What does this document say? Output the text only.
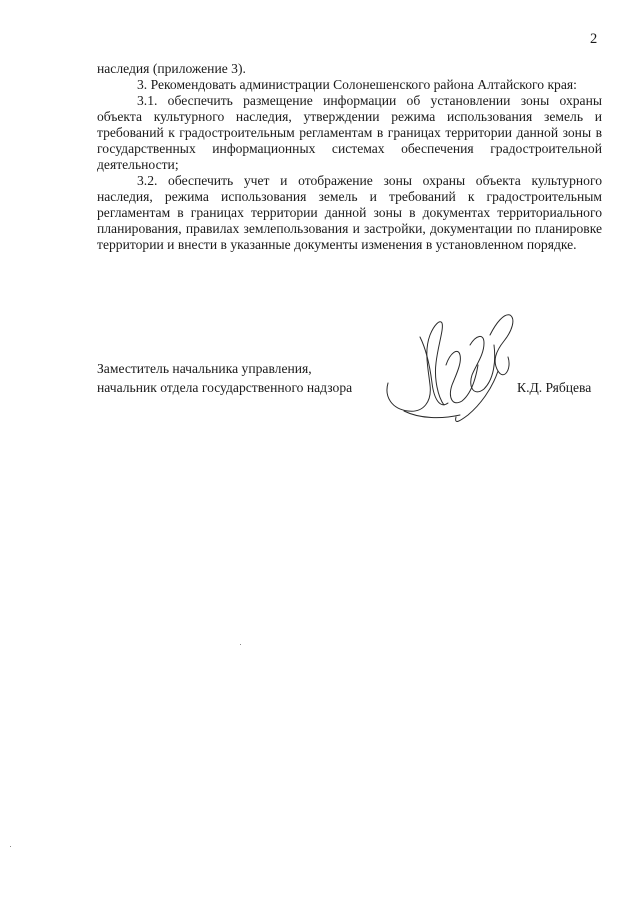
2

наследия (приложение 3).

3. Рекомендовать администрации Солонешенского района Алтайского края:

3.1. обеспечить размещение информации об установлении зоны охраны объекта культурного наследия, утверждении режима использования земель и требований к градостроительным регламентам в границах территории данной зоны в государственных информационных системах обеспечения градостроительной деятельности;

3.2. обеспечить учет и отображение зоны охраны объекта культурного наследия, режима использования земель и требований к градостроительным регламентам в границах территории данной зоны в документах территориального планирования, правилах землепользования и застройки, документации по планировке территории и внести в указанные документы изменения в установленном порядке.

Заместитель начальника управления,
начальник отдела государственного надзора	К.Д. Рябцева
